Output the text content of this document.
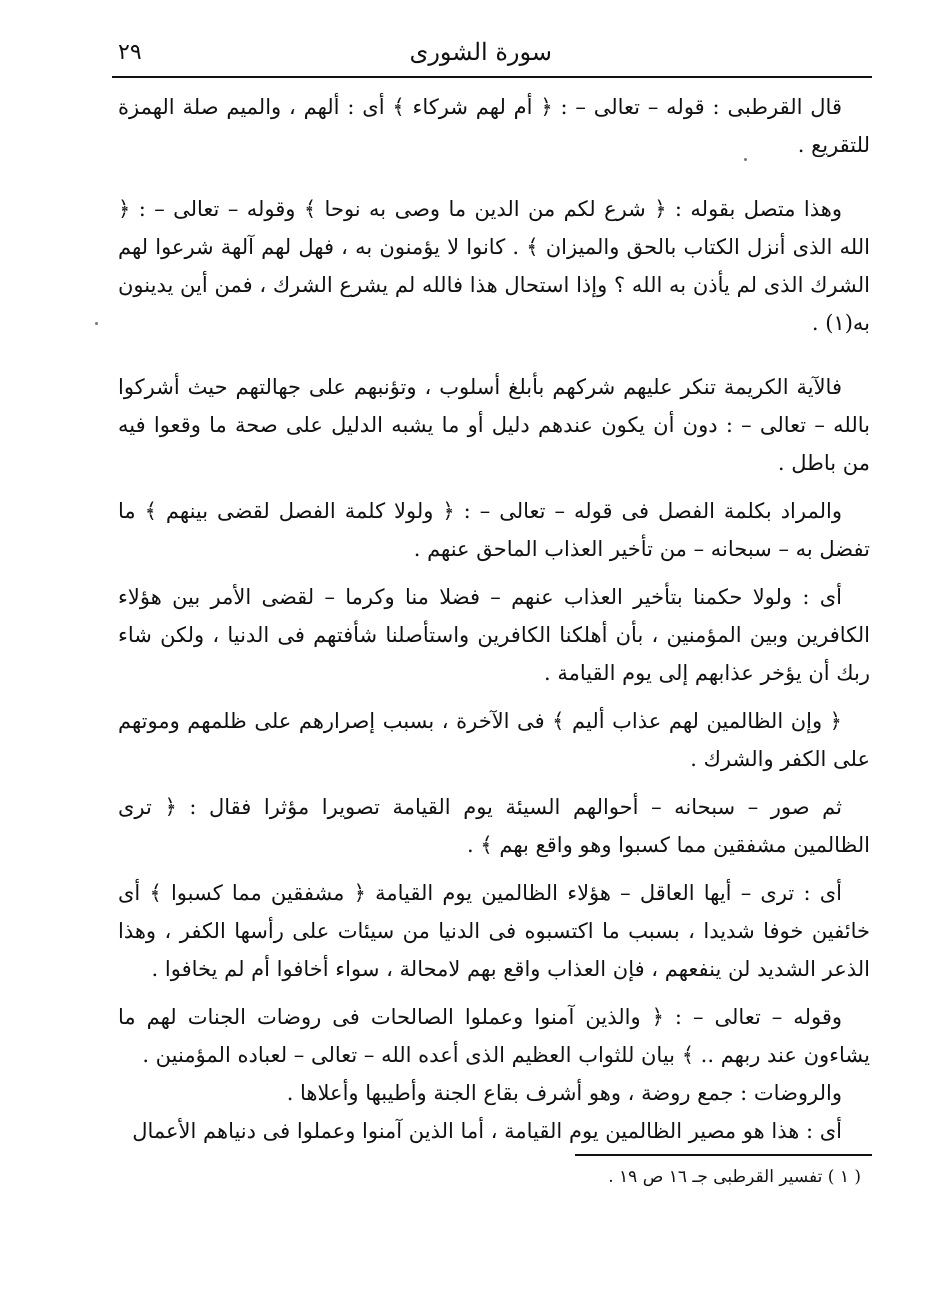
سورة الشورى
٢٩

قال القرطبى : قوله – تعالى – : ﴿ أم لهم شركاء ﴾ أى : ألهم ، والميم صلة الهمزة للتقريع .

وهذا متصل بقوله : ﴿ شرع لكم من الدين ما وصى به نوحا ﴾ وقوله – تعالى – : ﴿ الله الذى أنزل الكتاب بالحق والميزان ﴾ . كانوا لا يؤمنون به ، فهل لهم آلهة شرعوا لهم الشرك الذى لم يأذن به الله ؟ وإذا استحال هذا فالله لم يشرع الشرك ، فمن أين يدينون به(١) .

فالآية الكريمة تنكر عليهم شركهم بأبلغ أسلوب ، وتؤنبهم على جهالتهم حيث أشركوا بالله – تعالى – : دون أن يكون عندهم دليل أو ما يشبه الدليل على صحة ما وقعوا فيه من باطل .

والمراد بكلمة الفصل فى قوله – تعالى – : ﴿ ولولا كلمة الفصل لقضى بينهم ﴾ ما تفضل به – سبحانه – من تأخير العذاب الماحق عنهم .

أى : ولولا حكمنا بتأخير العذاب عنهم – فضلا منا وكرما – لقضى الأمر بين هؤلاء الكافرين وبين المؤمنين ، بأن أهلكنا الكافرين واستأصلنا شأفتهم فى الدنيا ، ولكن شاء ربك أن يؤخر عذابهم إلى يوم القيامة .

﴿ وإن الظالمين لهم عذاب أليم ﴾ فى الآخرة ، بسبب إصرارهم على ظلمهم وموتهم على الكفر والشرك .

ثم صور – سبحانه – أحوالهم السيئة يوم القيامة تصويرا مؤثرا فقال : ﴿ ترى الظالمين مشفقين مما كسبوا وهو واقع بهم ﴾ .

أى : ترى – أيها العاقل – هؤلاء الظالمين يوم القيامة ﴿ مشفقين مما كسبوا ﴾ أى خائفين خوفا شديدا ، بسبب ما اكتسبوه فى الدنيا من سيئات على رأسها الكفر ، وهذا الذعر الشديد لن ينفعهم ، فإن العذاب واقع بهم لامحالة ، سواء أخافوا أم لم يخافوا .

وقوله – تعالى – : ﴿ والذين آمنوا وعملوا الصالحات فى روضات الجنات لهم ما يشاءون عند ربهم .. ﴾ بيان للثواب العظيم الذى أعده الله – تعالى – لعباده المؤمنين .

والروضات : جمع روضة ، وهو أشرف بقاع الجنة وأطيبها وأعلاها .

أى : هذا هو مصير الظالمين يوم القيامة ، أما الذين آمنوا وعملوا فى دنياهم الأعمال

( ١ ) تفسير القرطبى جـ ١٦ ص ١٩ .
